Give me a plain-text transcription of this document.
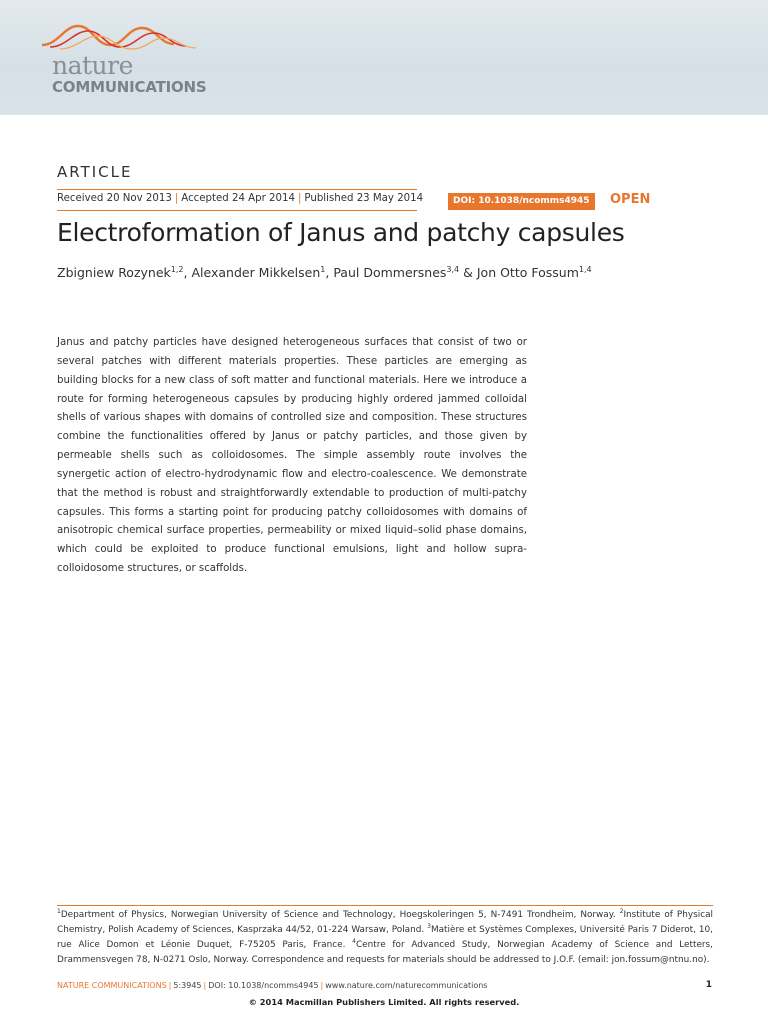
nature

COMMUNICATIONS

ARTICLE
Received 20 Nov 2013 | Accepted 24 Apr 2014 | Published 23 May 2014	DOI: 10.1038/ncomms4945	OPEN
Electroformation of Janus and patchy capsules
Zbigniew Rozynek$^{1,2}$, Alexander Mikkelsen$^1$, Paul Dommersnes$^{3,4}$ & Jon Otto Fossum$^{1,4}$

Janus and patchy particles have designed heterogeneous surfaces that consist of two or several patches with different materials properties. These particles are emerging as building blocks for a new class of soft matter and functional materials. Here we introduce a route for forming heterogeneous capsules by producing highly ordered jammed colloidal shells of various shapes with domains of controlled size and composition. These structures combine the functionalities offered by Janus or patchy particles, and those given by permeable shells such as colloidosomes. The simple assembly route involves the synergetic action of electro-hydrodynamic flow and electro-coalescence. We demonstrate that the method is robust and straightforwardly extendable to production of multi-patchy capsules. This forms a starting point for producing patchy colloidosomes with domains of anisotropic chemical surface properties, permeability or mixed liquid–solid phase domains, which could be exploited to produce functional emulsions, light and hollow supra-colloidosome structures, or scaffolds.

$^1$Department of Physics, Norwegian University of Science and Technology, Hoegskoleringen 5, N-7491 Trondheim, Norway. $^2$Institute of Physical Chemistry, Polish Academy of Sciences, Kasprzaka 44/52, 01-224 Warsaw, Poland. $^3$Matière et Systèmes Complexes, Université Paris 7 Diderot, 10, rue Alice Domon et Léonie Duquet, F-75205 Paris, France. $^4$Centre for Advanced Study, Norwegian Academy of Science and Letters, Drammensvegen 78, N-0271 Oslo, Norway. Correspondence and requests for materials should be addressed to J.O.F. (email: jon.fossum@ntnu.no).

NATURE COMMUNICATIONS | 5:3945 | DOI: 10.1038/ncomms4945 | www.nature.com/naturecommunications	1
© 2014 Macmillan Publishers Limited. All rights reserved.
